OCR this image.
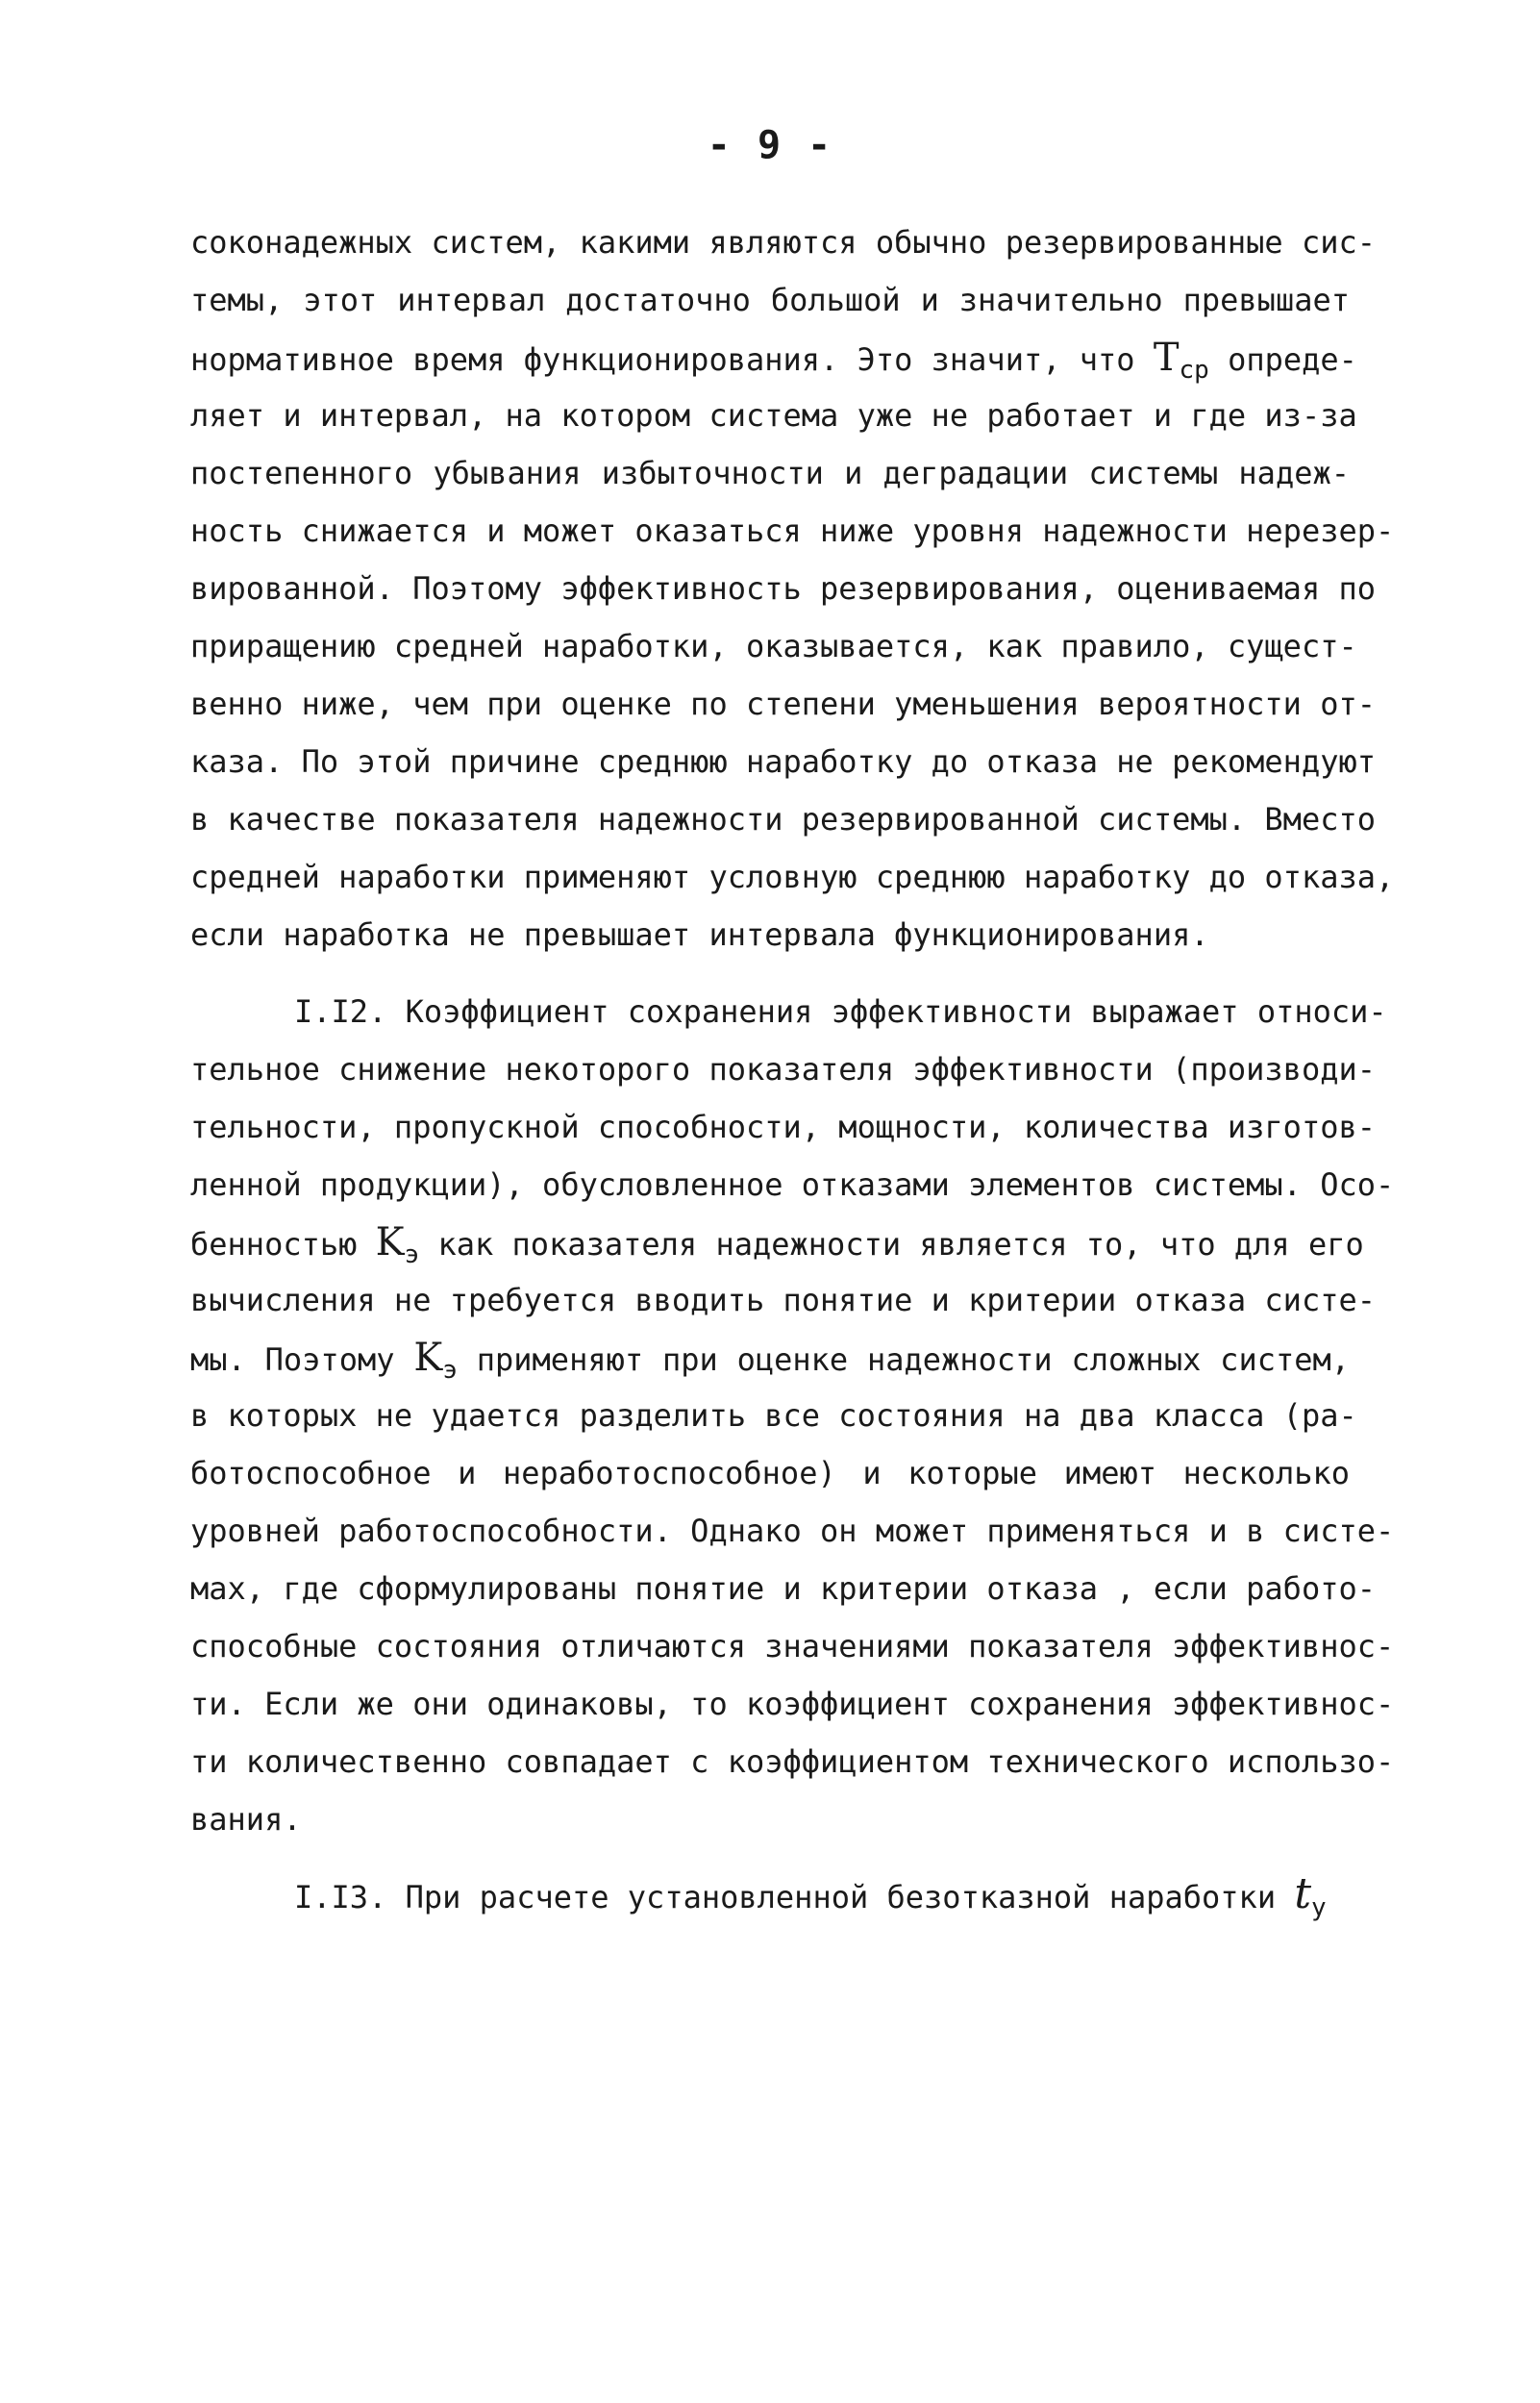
- 9 -
соконадежных систем, какими являются обычно резервированные сис-
темы, этот интервал достаточно большой и значительно превышает
нормативное время функционирования. Это значит, что $T_{ср}$ опреде-
ляет и интервал, на котором система уже не работает и где из-за
постепенного убывания избыточности и деградации системы надеж-
ность снижается и может оказаться ниже уровня надежности нерезер-
вированной. Поэтому эффективность резервирования, оцениваемая по
приращению средней наработки, оказывается, как правило, сущест-
венно ниже, чем при оценке по степени уменьшения вероятности от-
каза. По этой причине среднюю наработку до отказа не рекомендуют
в качестве показателя надежности резервированной системы. Вместо
средней наработки применяют условную среднюю наработку до отказа,
если наработка не превышает интервала функционирования.
I.I2. Коэффициент сохранения эффективности выражает относи-
тельное снижение некоторого показателя эффективности (производи-
тельности, пропускной способности, мощности, количества изготов-
ленной продукции), обусловленное отказами элементов системы. Осо-
бенностью $K_э$ как показателя надежности является то, что для его
вычисления не требуется вводить понятие и критерии отказа систе-
мы. Поэтому $K_э$ применяют при оценке надежности сложных систем,
в которых не удается разделить все состояния на два класса (ра-
ботоспособное и неработоспособное) и которые имеют несколько
уровней работоспособности. Однако он может применяться и в систе-
мах, где сформулированы понятие и критерии отказа , если работо-
способные состояния отличаются значениями показателя эффективнос-
ти. Если же они одинаковы, то коэффициент сохранения эффективнос-
ти количественно совпадает с коэффициентом технического использо-
вания.
I.I3. При расчете установленной безотказной наработки $t_у$
